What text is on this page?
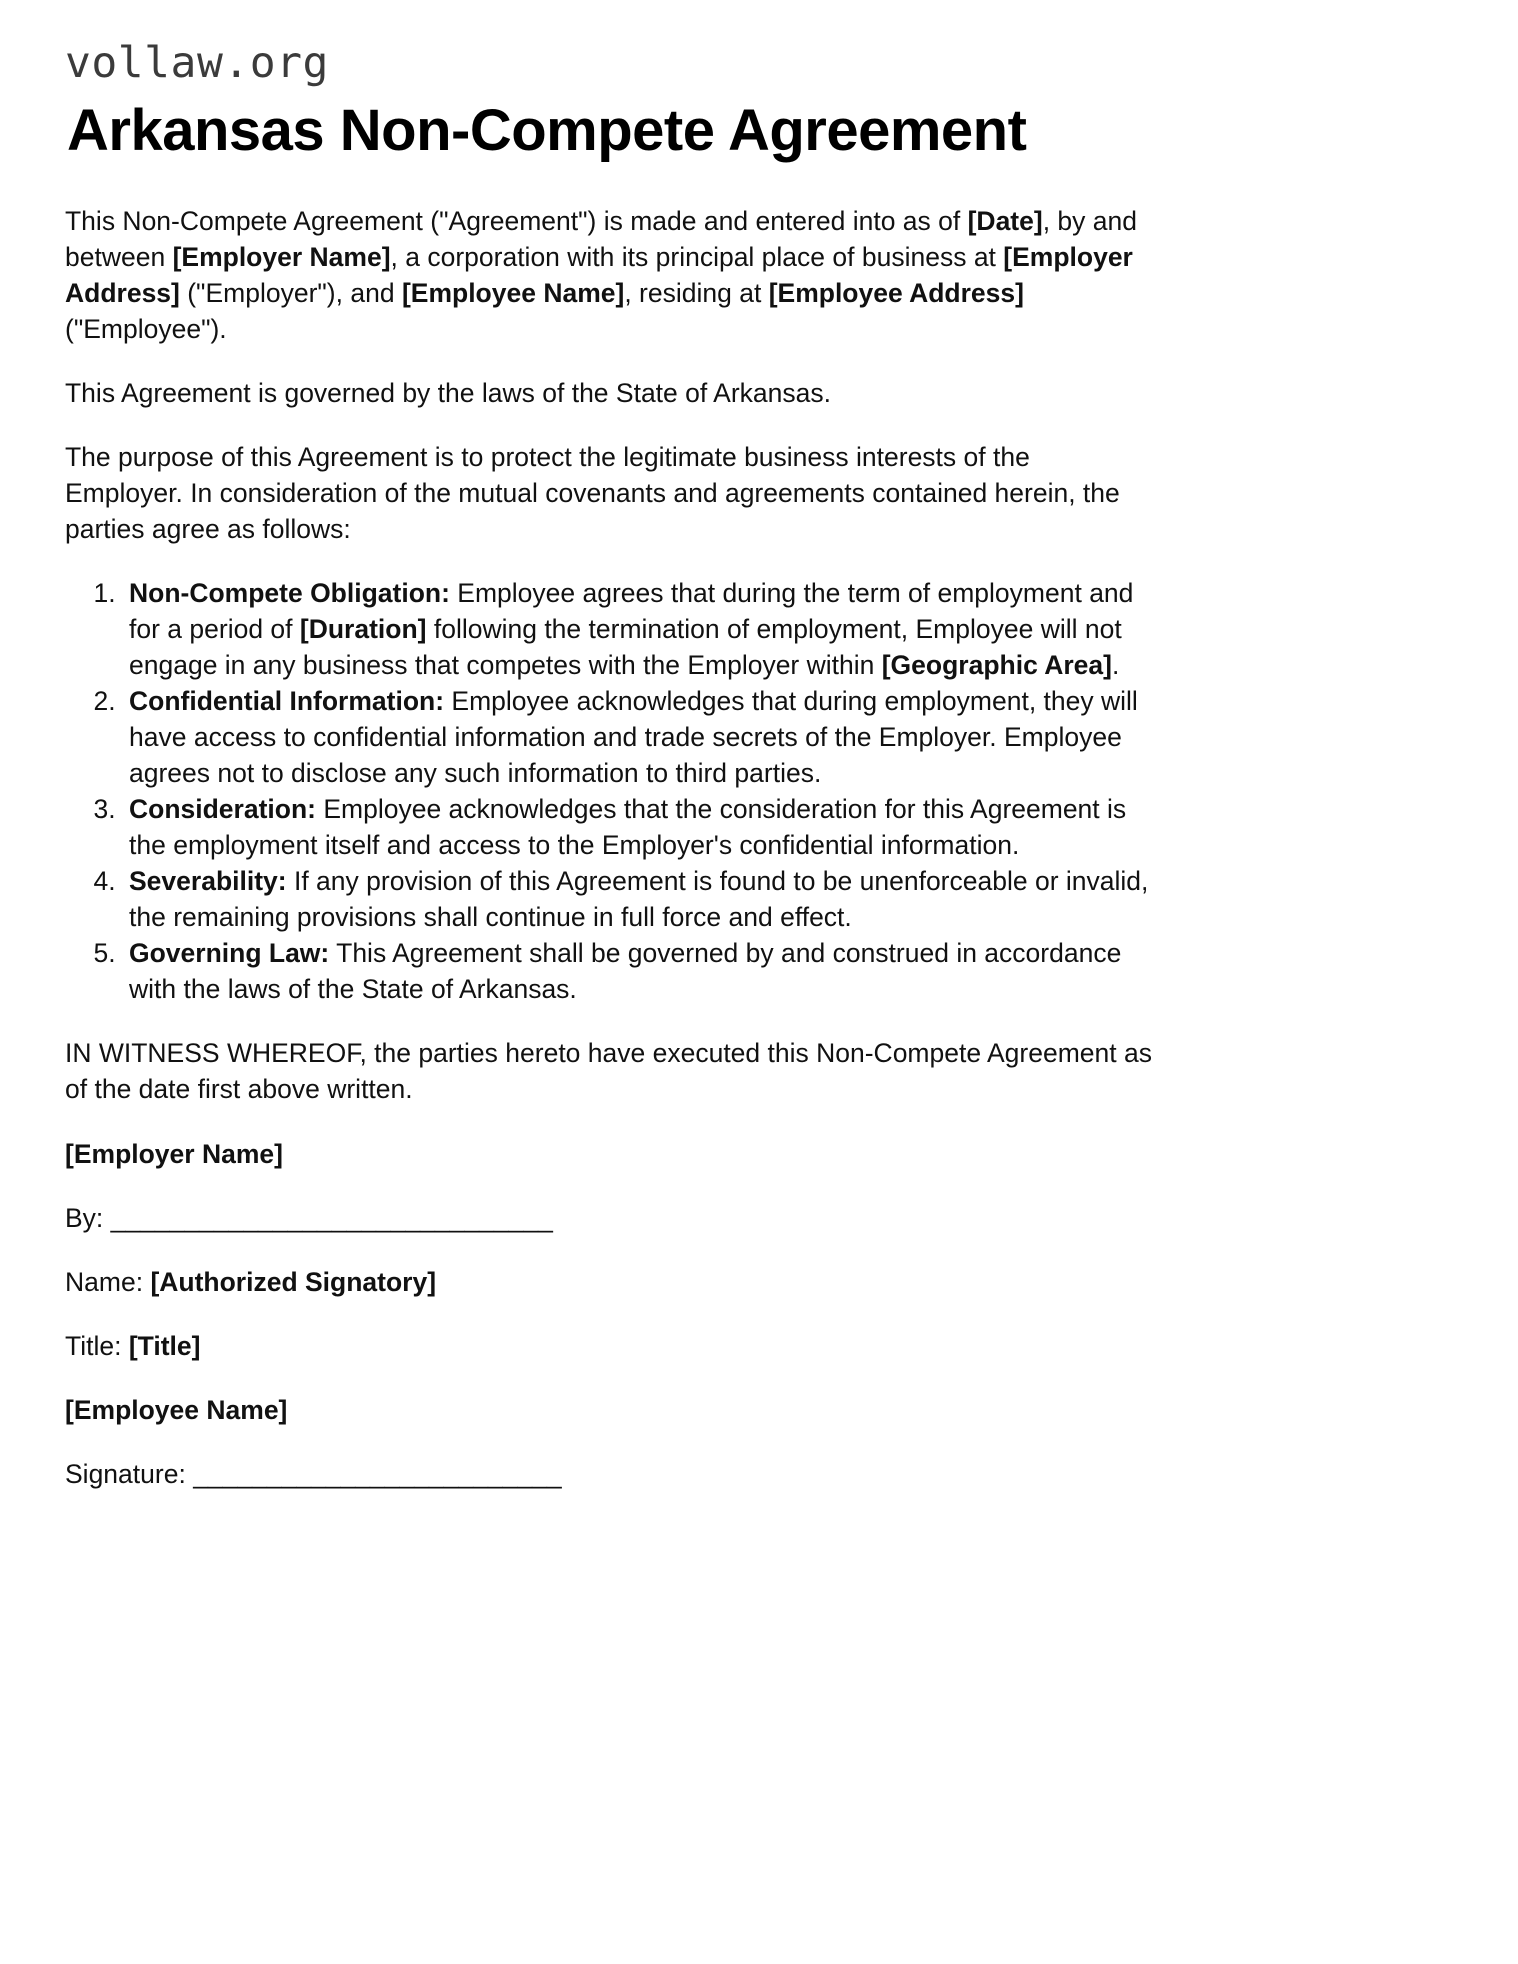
vollaw.org
Arkansas Non-Compete Agreement

This Non-Compete Agreement ("Agreement") is made and entered into as of [Date], by and between [Employer Name], a corporation with its principal place of business at [Employer Address] ("Employer"), and [Employee Name], residing at [Employee Address] ("Employee").

This Agreement is governed by the laws of the State of Arkansas.

The purpose of this Agreement is to protect the legitimate business interests of the Employer. In consideration of the mutual covenants and agreements contained herein, the parties agree as follows:

1. Non-Compete Obligation: Employee agrees that during the term of employment and for a period of [Duration] following the termination of employment, Employee will not engage in any business that competes with the Employer within [Geographic Area].
2. Confidential Information: Employee acknowledges that during employment, they will have access to confidential information and trade secrets of the Employer. Employee agrees not to disclose any such information to third parties.
3. Consideration: Employee acknowledges that the consideration for this Agreement is the employment itself and access to the Employer's confidential information.
4. Severability: If any provision of this Agreement is found to be unenforceable or invalid, the remaining provisions shall continue in full force and effect.
5. Governing Law: This Agreement shall be governed by and construed in accordance with the laws of the State of Arkansas.

IN WITNESS WHEREOF, the parties hereto have executed this Non-Compete Agreement as of the date first above written.

[Employer Name]

By: ______________________________

Name: [Authorized Signatory]

Title: [Title]

[Employee Name]

Signature: _________________________
